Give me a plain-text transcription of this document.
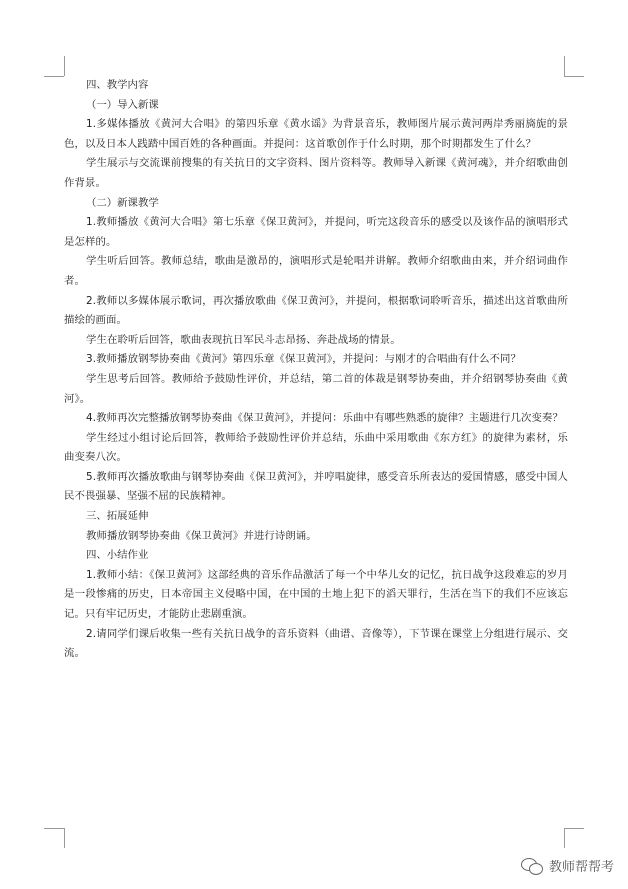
四、教学内容

（一）导入新课

1.多媒体播放《黄河大合唱》的第四乐章《黄水谣》为背景音乐，教师图片展示黄河两岸秀丽旖旎的景色，以及日本人践踏中国百姓的各种画面。并提问：这首歌创作于什么时期，那个时期都发生了什么？

学生展示与交流课前搜集的有关抗日的文字资料、图片资料等。教师导入新课《黄河魂》，并介绍歌曲创作背景。

（二）新课教学

1.教师播放《黄河大合唱》第七乐章《保卫黄河》，并提问，听完这段音乐的感受以及该作品的演唱形式是怎样的。

学生听后回答。教师总结，歌曲是激昂的，演唱形式是轮唱并讲解。教师介绍歌曲由来，并介绍词曲作者。

2.教师以多媒体展示歌词，再次播放歌曲《保卫黄河》，并提问，根据歌词聆听音乐，描述出这首歌曲所描绘的画面。

学生在聆听后回答，歌曲表现抗日军民斗志昂扬、奔赴战场的情景。

3.教师播放钢琴协奏曲《黄河》第四乐章《保卫黄河》，并提问：与刚才的合唱曲有什么不同？

学生思考后回答。教师给予鼓励性评价，并总结，第二首的体裁是钢琴协奏曲，并介绍钢琴协奏曲《黄河》。

4.教师再次完整播放钢琴协奏曲《保卫黄河》，并提问：乐曲中有哪些熟悉的旋律？主题进行几次变奏？

学生经过小组讨论后回答，教师给予鼓励性评价并总结，乐曲中采用歌曲《东方红》的旋律为素材，乐曲变奏八次。

5.教师再次播放歌曲与钢琴协奏曲《保卫黄河》，并哼唱旋律，感受音乐所表达的爱国情感，感受中国人民不畏强暴、坚强不屈的民族精神。

三、拓展延伸

教师播放钢琴协奏曲《保卫黄河》并进行诗朗诵。

四、小结作业

1.教师小结：《保卫黄河》这部经典的音乐作品激活了每一个中华儿女的记忆，抗日战争这段难忘的岁月是一段惨痛的历史，日本帝国主义侵略中国，在中国的土地上犯下的滔天罪行，生活在当下的我们不应该忘记。只有牢记历史，才能防止悲剧重演。

2.请同学们课后收集一些有关抗日战争的音乐资料（曲谱、音像等），下节课在课堂上分组进行展示、交流。

教师帮帮考
